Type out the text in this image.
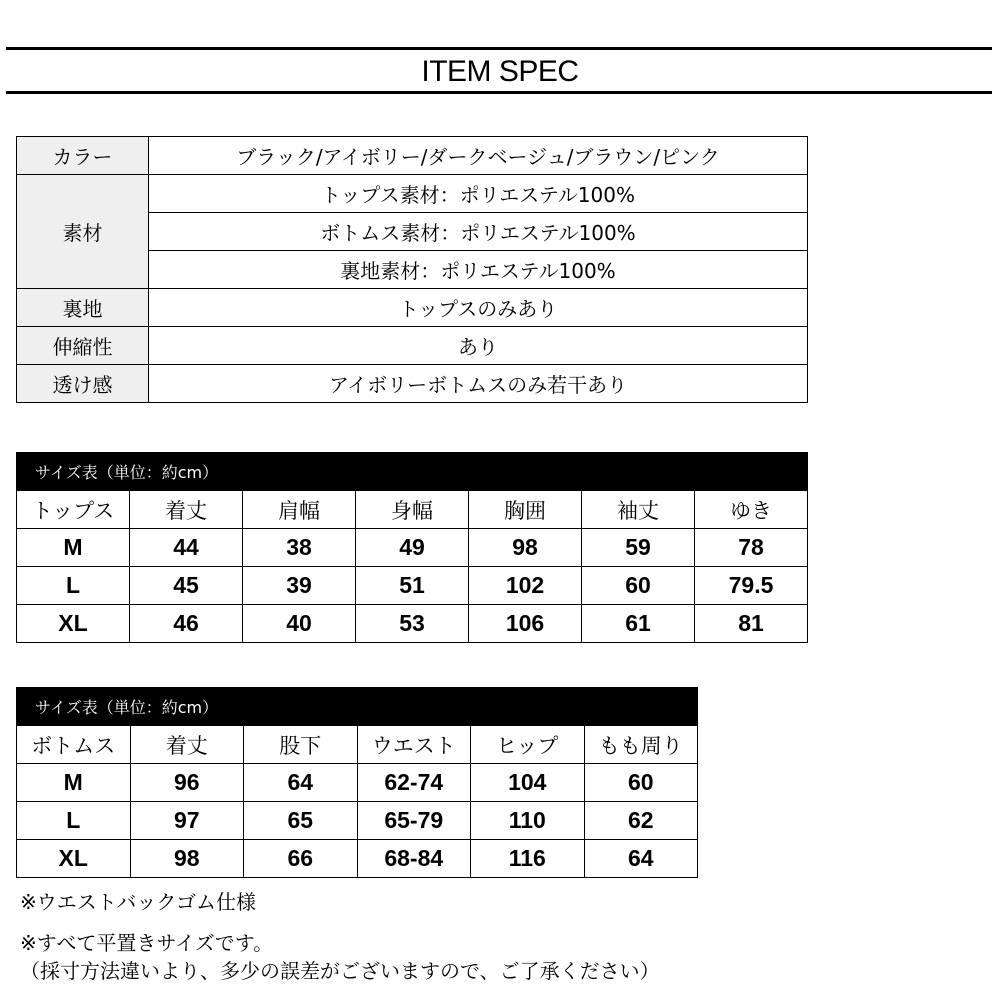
ITEM SPEC
カラー	ブラック/アイボリー/ダークベージュ/ブラウン/ピンク
素材	トップス素材：ポリエステル100%
	ボトムス素材：ポリエステル100%
	裏地素材：ポリエステル100%
裏地	トップスのみあり
伸縮性	あり
透け感	アイボリーボトムスのみ若干あり
サイズ表（単位：約cm）						
トップス	着丈	肩幅	身幅	胸囲	袖丈	ゆき
M	44	38	49	98	59	78
L	45	39	51	102	60	79.5
XL	46	40	53	106	61	81
サイズ表（単位：約cm）					
ボトムス	着丈	股下	ウエスト	ヒップ	もも周り
M	96	64	62-74	104	60
L	97	65	65-79	110	62
XL	98	66	68-84	116	64
※ウエストバックゴム仕様
※すべて平置きサイズです。
（採寸方法違いより、多少の誤差がございますので、ご了承ください）
